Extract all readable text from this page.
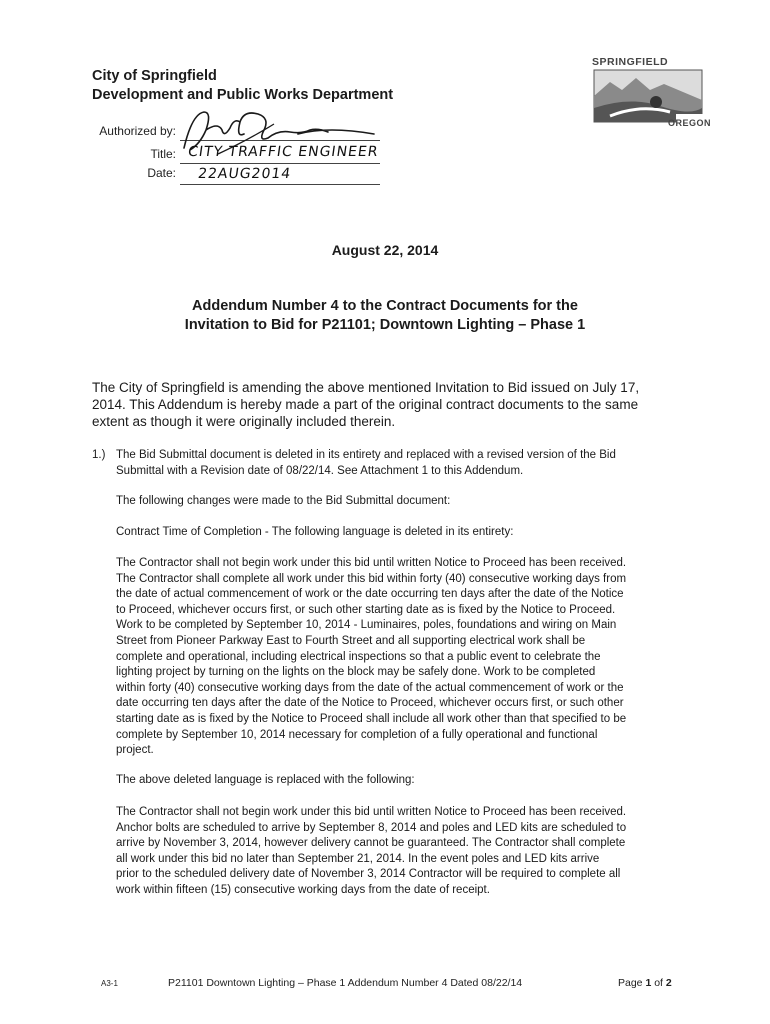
City of Springfield
Development and Public Works Department
SPRINGFIELD
OREGON
Authorized by:
Title: CITY TRAFFIC ENGINEER
Date: 22AUG2014
August 22, 2014
Addendum Number 4 to the Contract Documents for the
Invitation to Bid for P21101; Downtown Lighting – Phase 1
The City of Springfield is amending the above mentioned Invitation to Bid issued on July 17,
2014. This Addendum is hereby made a part of the original contract documents to the same
extent as though it were originally included therein.
1.) The Bid Submittal document is deleted in its entirety and replaced with a revised version of the Bid
Submittal with a Revision date of 08/22/14. See Attachment 1 to this Addendum.
The following changes were made to the Bid Submittal document:
Contract Time of Completion - The following language is deleted in its entirety:
The Contractor shall not begin work under this bid until written Notice to Proceed has been received.
The Contractor shall complete all work under this bid within forty (40) consecutive working days from
the date of actual commencement of work or the date occurring ten days after the date of the Notice
to Proceed, whichever occurs first, or such other starting date as is fixed by the Notice to Proceed.
Work to be completed by September 10, 2014 - Luminaires, poles, foundations and wiring on Main
Street from Pioneer Parkway East to Fourth Street and all supporting electrical work shall be
complete and operational, including electrical inspections so that a public event to celebrate the
lighting project by turning on the lights on the block may be safely done. Work to be completed
within forty (40) consecutive working days from the date of the actual commencement of work or the
date occurring ten days after the date of the Notice to Proceed, whichever occurs first, or such other
starting date as is fixed by the Notice to Proceed shall include all work other than that specified to be
complete by September 10, 2014 necessary for completion of a fully operational and functional
project.
The above deleted language is replaced with the following:
The Contractor shall not begin work under this bid until written Notice to Proceed has been received.
Anchor bolts are scheduled to arrive by September 8, 2014 and poles and LED kits are scheduled to
arrive by November 3, 2014, however delivery cannot be guaranteed. The Contractor shall complete
all work under this bid no later than September 21, 2014. In the event poles and LED kits arrive
prior to the scheduled delivery date of November 3, 2014 Contractor will be required to complete all
work within fifteen (15) consecutive working days from the date of receipt.
A3-1	P21101 Downtown Lighting – Phase 1 Addendum Number 4 Dated 08/22/14	Page 1 of 2
